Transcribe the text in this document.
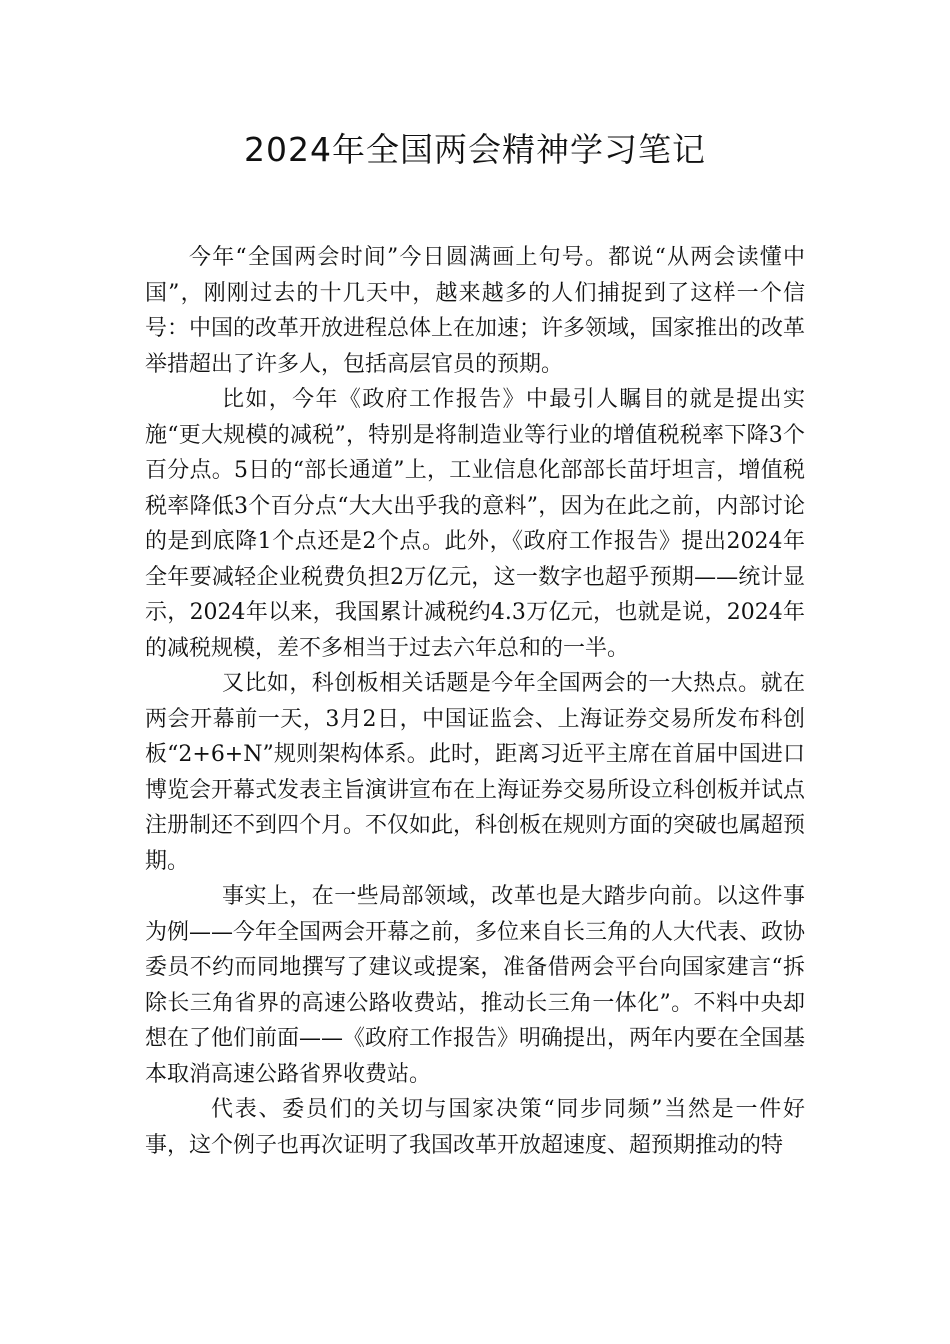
2024年全国两会精神学习笔记

今年“全国两会时间”今日圆满画上句号。都说“从两会读懂中国”，刚刚过去的十几天中，越来越多的人们捕捉到了这样一个信号：中国的改革开放进程总体上在加速；许多领域，国家推出的改革举措超出了许多人，包括高层官员的预期。

比如，今年《政府工作报告》中最引人瞩目的就是提出实施“更大规模的减税”，特别是将制造业等行业的增值税税率下降3个百分点。5日的“部长通道”上，工业信息化部部长苗圩坦言，增值税税率降低3个百分点“大大出乎我的意料”，因为在此之前，内部讨论的是到底降1个点还是2个点。此外，《政府工作报告》提出2024年全年要减轻企业税费负担2万亿元，这一数字也超乎预期——统计显示，2024年以来，我国累计减税约4.3万亿元，也就是说，2024年的减税规模，差不多相当于过去六年总和的一半。

又比如，科创板相关话题是今年全国两会的一大热点。就在两会开幕前一天，3月2日，中国证监会、上海证券交易所发布科创板“2+6+N”规则架构体系。此时，距离习近平主席在首届中国进口博览会开幕式发表主旨演讲宣布在上海证券交易所设立科创板并试点注册制还不到四个月。不仅如此，科创板在规则方面的突破也属超预期。

事实上，在一些局部领域，改革也是大踏步向前。以这件事为例——今年全国两会开幕之前，多位来自长三角的人大代表、政协委员不约而同地撰写了建议或提案，准备借两会平台向国家建言“拆除长三角省界的高速公路收费站，推动长三角一体化”。不料中央却想在了他们前面——《政府工作报告》明确提出，两年内要在全国基本取消高速公路省界收费站。

代表、委员们的关切与国家决策“同步同频”当然是一件好事，这个例子也再次证明了我国改革开放超速度、超预期推动的特
